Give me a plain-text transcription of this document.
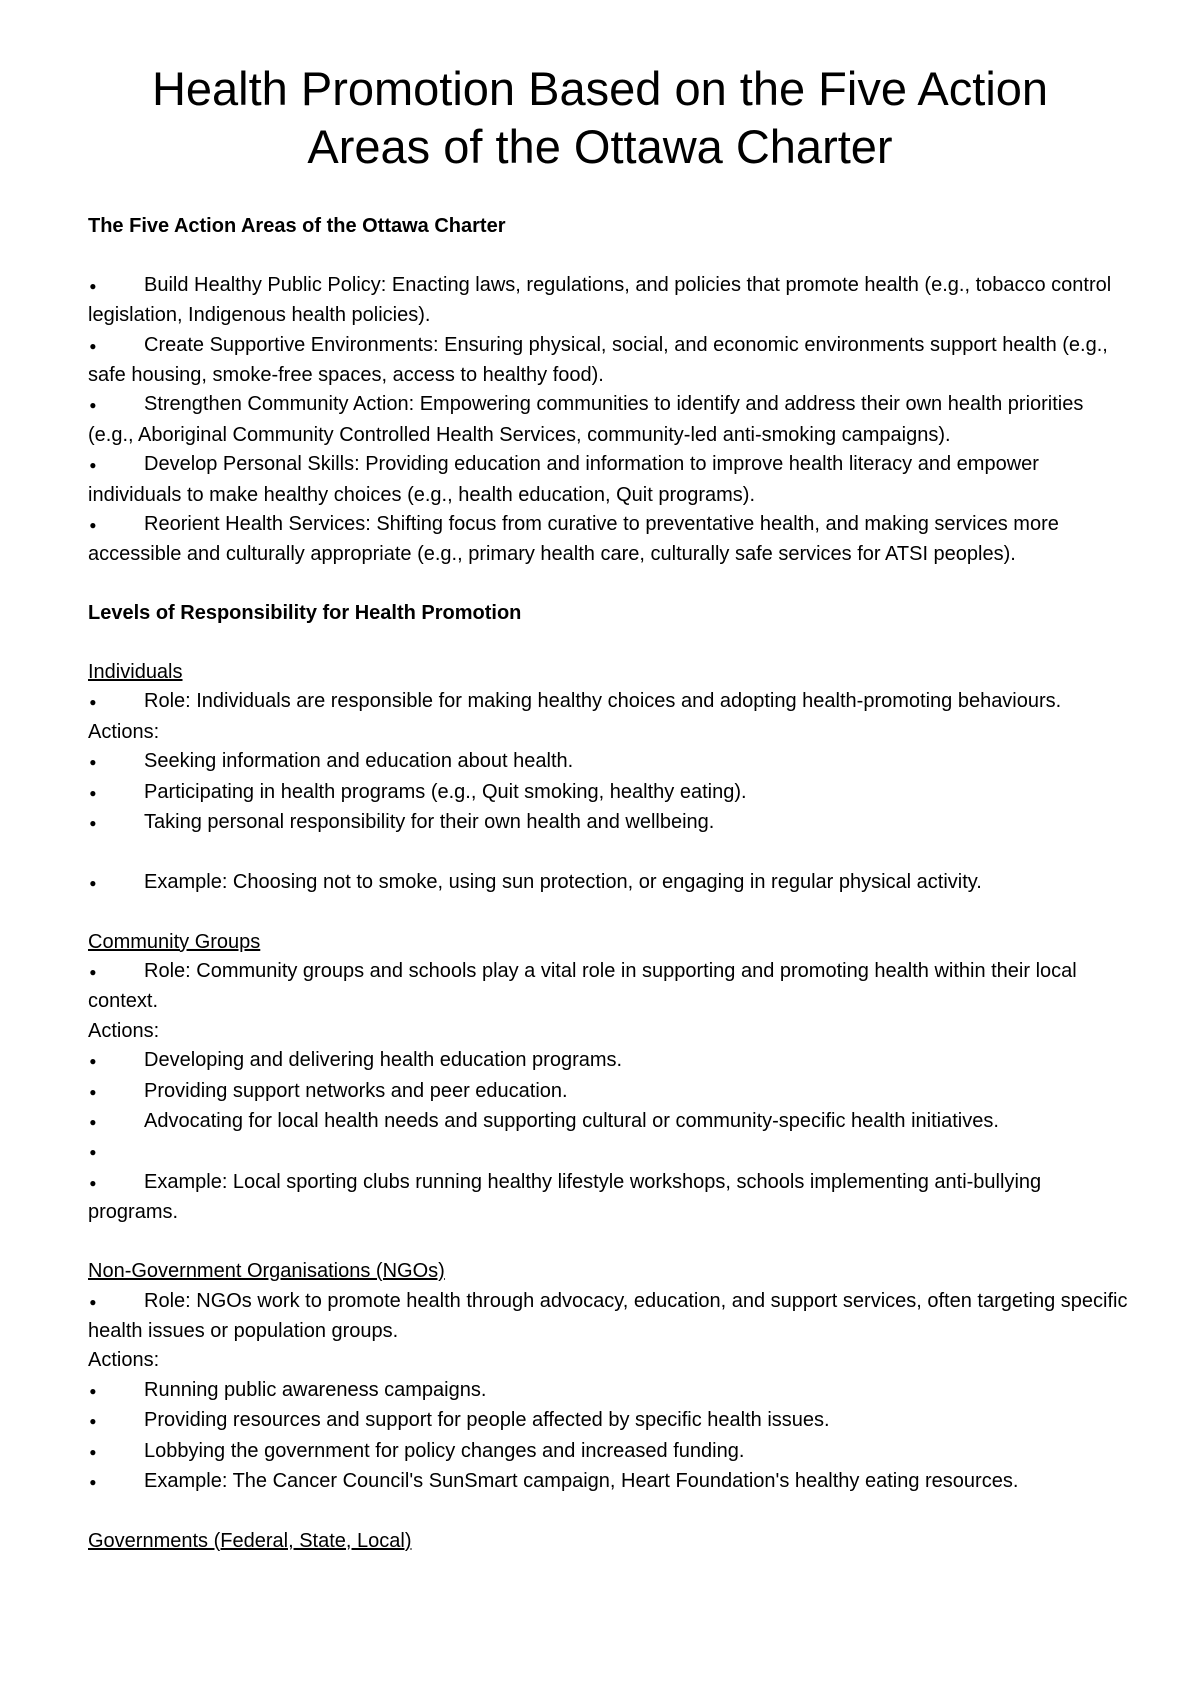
Health Promotion Based on the Five Action
Areas of the Ottawa Charter

The Five Action Areas of the Ottawa Charter

●Build Healthy Public Policy: Enacting laws, regulations, and policies that promote health (e.g., tobacco control legislation, Indigenous health policies).

●Create Supportive Environments: Ensuring physical, social, and economic environments support health (e.g., safe housing, smoke-free spaces, access to healthy food).

●Strengthen Community Action: Empowering communities to identify and address their own health priorities (e.g., Aboriginal Community Controlled Health Services, community-led anti-smoking campaigns).

●Develop Personal Skills: Providing education and information to improve health literacy and empower individuals to make healthy choices (e.g., health education, Quit programs).

●Reorient Health Services: Shifting focus from curative to preventative health, and making services more accessible and culturally appropriate (e.g., primary health care, culturally safe services for ATSI peoples).

Levels of Responsibility for Health Promotion

Individuals

●Role: Individuals are responsible for making healthy choices and adopting health-promoting behaviours.

Actions:

●Seeking information and education about health.

●Participating in health programs (e.g., Quit smoking, healthy eating).

●Taking personal responsibility for their own health and wellbeing.

●Example: Choosing not to smoke, using sun protection, or engaging in regular physical activity.

Community Groups

●Role: Community groups and schools play a vital role in supporting and promoting health within their local context.

Actions:

●Developing and delivering health education programs.

●Providing support networks and peer education.

●Advocating for local health needs and supporting cultural or community-specific health initiatives.

●

●Example: Local sporting clubs running healthy lifestyle workshops, schools implementing anti-bullying programs.

Non-Government Organisations (NGOs)

●Role: NGOs work to promote health through advocacy, education, and support services, often targeting specific health issues or population groups.

Actions:

●Running public awareness campaigns.

●Providing resources and support for people affected by specific health issues.

●Lobbying the government for policy changes and increased funding.

●Example: The Cancer Council's SunSmart campaign, Heart Foundation's healthy eating resources.

Governments (Federal, State, Local)
